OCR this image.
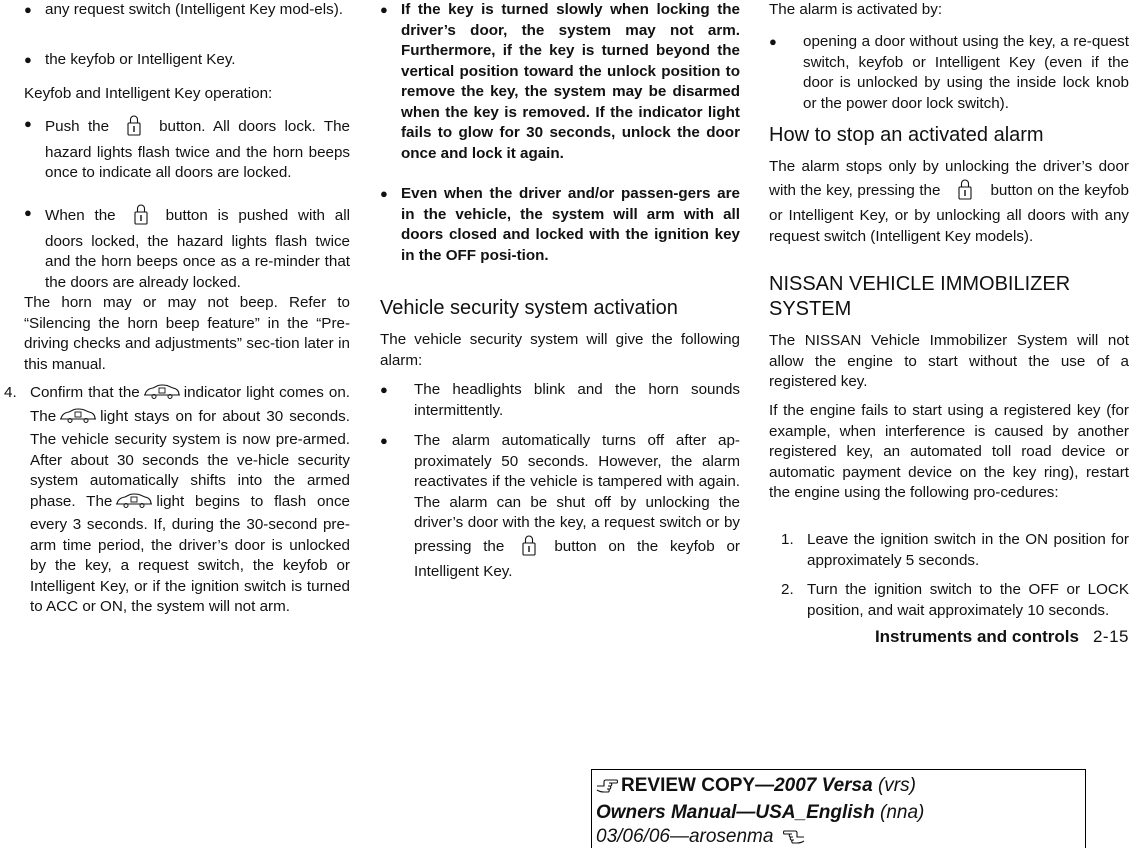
● any request switch (Intelligent Key mod-els).
● the keyfob or Intelligent Key.

Keyfob and Intelligent Key operation:

● Push the	button. All doors lock. The hazard lights flash twice and the horn beeps once to indicate all doors are locked.
● When the	button is pushed with all doors locked, the hazard lights flash twice and the horn beeps once as a re-minder that the doors are already locked.

The horn may or may not beep. Refer to “Silencing the horn beep feature” in the “Pre-driving checks and adjustments” sec-tion later in this manual.

4. Confirm that the	indicator light comes on. The	light stays on for about 30 seconds. The vehicle security system is now pre-armed. After about 30 seconds the ve-hicle security system automatically shifts into the armed phase. The	light begins to flash once every 3 seconds. If, during the 30-second pre-arm time period, the driver’s door is unlocked by the key, a request switch, the keyfob or Intelligent Key, or if the ignition switch is turned to ACC or ON, the system will not arm.
● If the key is turned slowly when locking the driver’s door, the system may not arm. Furthermore, if the key is turned beyond the vertical position toward the unlock position to remove the key, the system may be disarmed when the key is removed. If the indicator light fails to glow for 30 seconds, unlock the door once and lock it again.
● Even when the driver and/or passen-gers are in the vehicle, the system will arm with all doors closed and locked with the ignition key in the OFF posi-tion.
Vehicle security system activation

The vehicle security system will give the following alarm:

●	The headlights blink and the horn sounds intermittently.
●	The alarm automatically turns off after ap-proximately 50 seconds. However, the alarm reactivates if the vehicle is tampered with again. The alarm can be shut off by unlocking the driver’s door with the key, a request switch or by pressing the	button on the keyfob or Intelligent Key.

The alarm is activated by:

●	opening a door without using the key, a re-quest switch, keyfob or Intelligent Key (even if the door is unlocked by using the inside lock knob or the power door lock switch).
How to stop an activated alarm

The alarm stops only by unlocking the driver’s door with the key, pressing the	button on the keyfob or Intelligent Key, or by unlocking all doors with any request switch (Intelligent Key models).

NISSAN VEHICLE IMMOBILIZER SYSTEM

The NISSAN Vehicle Immobilizer System will not allow the engine to start without the use of a registered key.

If the engine fails to start using a registered key (for example, when interference is caused by another registered key, an automated toll road device or automatic payment device on the key ring), restart the engine using the following pro-cedures:

1. Leave the ignition switch in the ON position for approximately 5 seconds.
2. Turn the ignition switch to the OFF or LOCK position, and wait approximately 10 seconds.
Instruments and controls 2-15
REVIEW COPY—2007 Versa (vrs)
Owners Manual—USA_English (nna)
03/06/06—arosenma
